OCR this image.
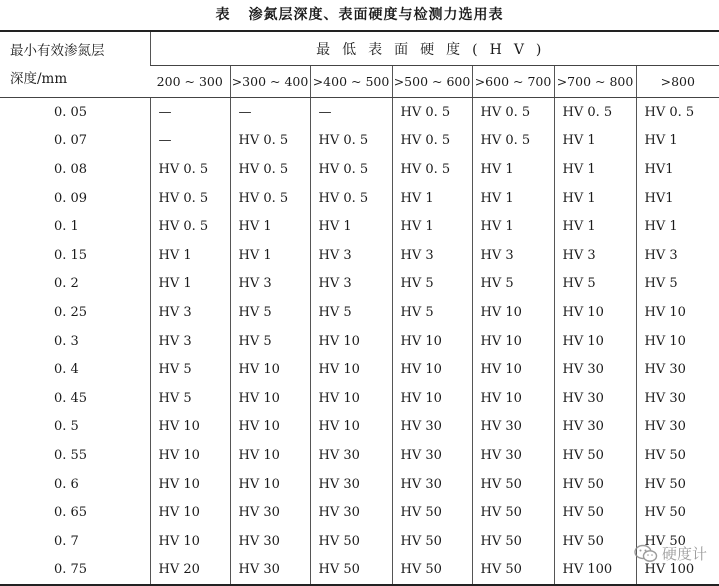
表 渗氮层深度、表面硬度与检测力选用表
最小有效渗氮层
深度/mm	最低表面硬度(HV)						
	200 ~ 300	>300 ~ 400	>400 ~ 500	>500 ~ 600	>600 ~ 700	>700 ~ 800	>800
0. 05	—	—	—	HV 0. 5	HV 0. 5	HV 0. 5	HV 0. 5
0. 07	—	HV 0. 5	HV 0. 5	HV 0. 5	HV 0. 5	HV 1	HV 1
0. 08	HV 0. 5	HV 0. 5	HV 0. 5	HV 0. 5	HV 1	HV 1	HV1
0. 09	HV 0. 5	HV 0. 5	HV 0. 5	HV 1	HV 1	HV 1	HV1
0. 1	HV 0. 5	HV 1	HV 1	HV 1	HV 1	HV 1	HV 1
0. 15	HV 1	HV 1	HV 3	HV 3	HV 3	HV 3	HV 3
0. 2	HV 1	HV 3	HV 3	HV 5	HV 5	HV 5	HV 5
0. 25	HV 3	HV 5	HV 5	HV 5	HV 10	HV 10	HV 10
0. 3	HV 3	HV 5	HV 10	HV 10	HV 10	HV 10	HV 10
0. 4	HV 5	HV 10	HV 10	HV 10	HV 10	HV 30	HV 30
0. 45	HV 5	HV 10	HV 10	HV 10	HV 10	HV 30	HV 30
0. 5	HV 10	HV 10	HV 10	HV 30	HV 30	HV 30	HV 30
0. 55	HV 10	HV 10	HV 30	HV 30	HV 30	HV 50	HV 50
0. 6	HV 10	HV 10	HV 30	HV 30	HV 50	HV 50	HV 50
0. 65	HV 10	HV 30	HV 30	HV 50	HV 50	HV 50	HV 50
0. 7	HV 10	HV 30	HV 50	HV 50	HV 50	HV 50	HV 50
0. 75	HV 20	HV 30	HV 50	HV 50	HV 50	HV 100	HV 100
硬度计
